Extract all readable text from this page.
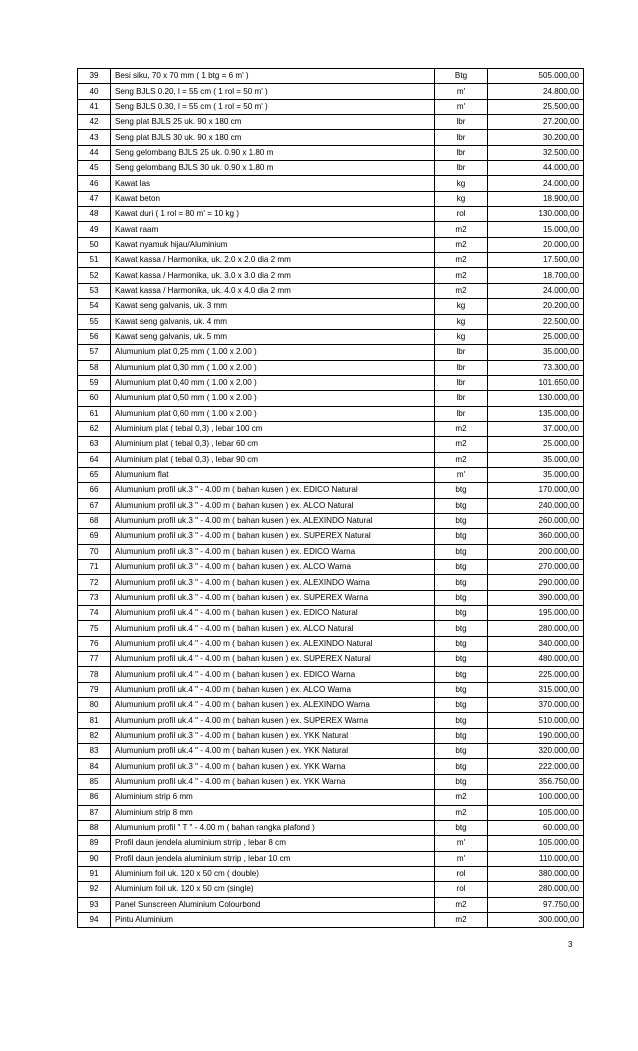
39	Besi siku, 70 x 70 mm ( 1 btg = 6 m' )	Btg	505.000,00
40	Seng BJLS 0.20, l = 55 cm ( 1 rol = 50 m' )	m'	24.800,00
41	Seng BJLS 0.30, l = 55 cm ( 1 rol = 50 m' )	m'	25.500,00
42	Seng plat BJLS 25 uk. 90 x 180 cm	lbr	27.200,00
43	Seng plat BJLS 30 uk. 90 x 180 cm	lbr	30.200,00
44	Seng gelombang BJLS 25 uk. 0.90 x 1.80 m	lbr	32.500,00
45	Seng gelombang BJLS 30 uk. 0.90 x 1.80 m	lbr	44.000,00
46	Kawat las	kg	24.000,00
47	Kawat beton	kg	18.900,00
48	Kawat duri ( 1 rol = 80 m' = 10 kg )	rol	130.000,00
49	Kawat raam	m2	15.000,00
50	Kawat nyamuk hijau/Aluminium	m2	20.000,00
51	Kawat kassa / Harmonika, uk. 2.0 x 2.0 dia 2 mm	m2	17.500,00
52	Kawat kassa / Harmonika, uk. 3.0 x 3.0 dia 2 mm	m2	18.700,00
53	Kawat kassa / Harmonika, uk. 4.0 x 4.0 dia 2 mm	m2	24.000,00
54	Kawat seng galvanis, uk. 3 mm	kg	20.200,00
55	Kawat seng galvanis, uk. 4 mm	kg	22.500,00
56	Kawat seng galvanis, uk. 5 mm	kg	25.000,00
57	Alumunium plat 0,25 mm ( 1.00 x 2.00 )	lbr	35.000,00
58	Alumunium plat 0,30 mm ( 1.00 x 2.00 )	lbr	73.300,00
59	Alumunium plat 0,40 mm ( 1.00 x 2.00 )	lbr	101.650,00
60	Alumunium plat 0,50 mm ( 1.00 x 2.00 )	lbr	130.000,00
61	Alumunium plat 0,60 mm ( 1.00 x 2.00 )	lbr	135.000,00
62	Aluminium plat ( tebal 0,3) , lebar 100 cm	m2	37.000,00
63	Aluminium plat ( tebal 0,3) , lebar 60 cm	m2	25.000,00
64	Aluminium plat ( tebal 0,3) , lebar 90 cm	m2	35.000,00
65	Alumunium flat	m'	35.000,00
66	Alumunium profil uk.3 " - 4.00 m ( bahan kusen ) ex. EDICO Natural	btg	170.000,00
67	Alumunium profil uk.3 " - 4.00 m ( bahan kusen ) ex. ALCO Natural	btg	240.000,00
68	Alumunium profil uk.3 " - 4.00 m ( bahan kusen ) ex. ALEXINDO Natural	btg	260.000,00
69	Alumunium profil uk.3 " - 4.00 m ( bahan kusen ) ex. SUPEREX Natural	btg	360.000,00
70	Alumunium profil uk.3 " - 4.00 m ( bahan kusen ) ex. EDICO Warna	btg	200.000,00
71	Alumunium profil uk.3 " - 4.00 m ( bahan kusen ) ex. ALCO Warna	btg	270.000,00
72	Alumunium profil uk.3 " - 4.00 m ( bahan kusen ) ex. ALEXINDO Warna	btg	290.000,00
73	Alumunium profil uk.3 " - 4.00 m ( bahan kusen ) ex. SUPEREX Warna	btg	390.000,00
74	Alumunium profil uk.4 " - 4.00 m ( bahan kusen ) ex. EDICO Natural	btg	195.000,00
75	Alumunium profil uk.4 " - 4.00 m ( bahan kusen ) ex. ALCO Natural	btg	280.000,00
76	Alumunium profil uk.4 " - 4.00 m ( bahan kusen ) ex. ALEXINDO Natural	btg	340.000,00
77	Alumunium profil uk.4 " - 4.00 m ( bahan kusen ) ex. SUPEREX Natural	btg	480.000,00
78	Alumunium profil uk.4 " - 4.00 m ( bahan kusen ) ex. EDICO Warna	btg	225.000,00
79	Alumunium profil uk.4 " - 4.00 m ( bahan kusen ) ex. ALCO Warna	btg	315.000,00
80	Alumunium profil uk.4 " - 4.00 m ( bahan kusen ) ex. ALEXINDO Warna	btg	370.000,00
81	Alumunium profil uk.4 " - 4.00 m ( bahan kusen ) ex. SUPEREX Warna	btg	510.000,00
82	Alumunium profil uk.3 " - 4.00 m ( bahan kusen ) ex. YKK Natural	btg	190.000,00
83	Alumunium profil uk.4 " - 4.00 m ( bahan kusen ) ex. YKK Natural	btg	320.000,00
84	Alumunium profil uk.3 " - 4.00 m ( bahan kusen ) ex. YKK Warna	btg	222.000,00
85	Alumunium profil uk.4 " - 4.00 m ( bahan kusen ) ex. YKK Warna	btg	356.750,00
86	Aluminium strip 6 mm	m2	100.000,00
87	Aluminium strip 8 mm	m2	105.000,00
88	Alumunium profil " T " - 4.00 m ( bahan rangka plafond )	btg	60.000,00
89	Profil daun jendela aluminium strrip , lebar 8 cm	m'	105.000,00
90	Profil daun jendela aluminium strrip , lebar 10 cm	m'	110.000,00
91	Aluminium foil uk. 120 x 50 cm ( double)	rol	380.000,00
92	Aluminium foil uk. 120 x 50 cm (single)	rol	280.000,00
93	Panel Sunscreen Aluminium Colourbond	m2	97.750,00
94	Pintu Aluminium	m2	300.000,00
3
